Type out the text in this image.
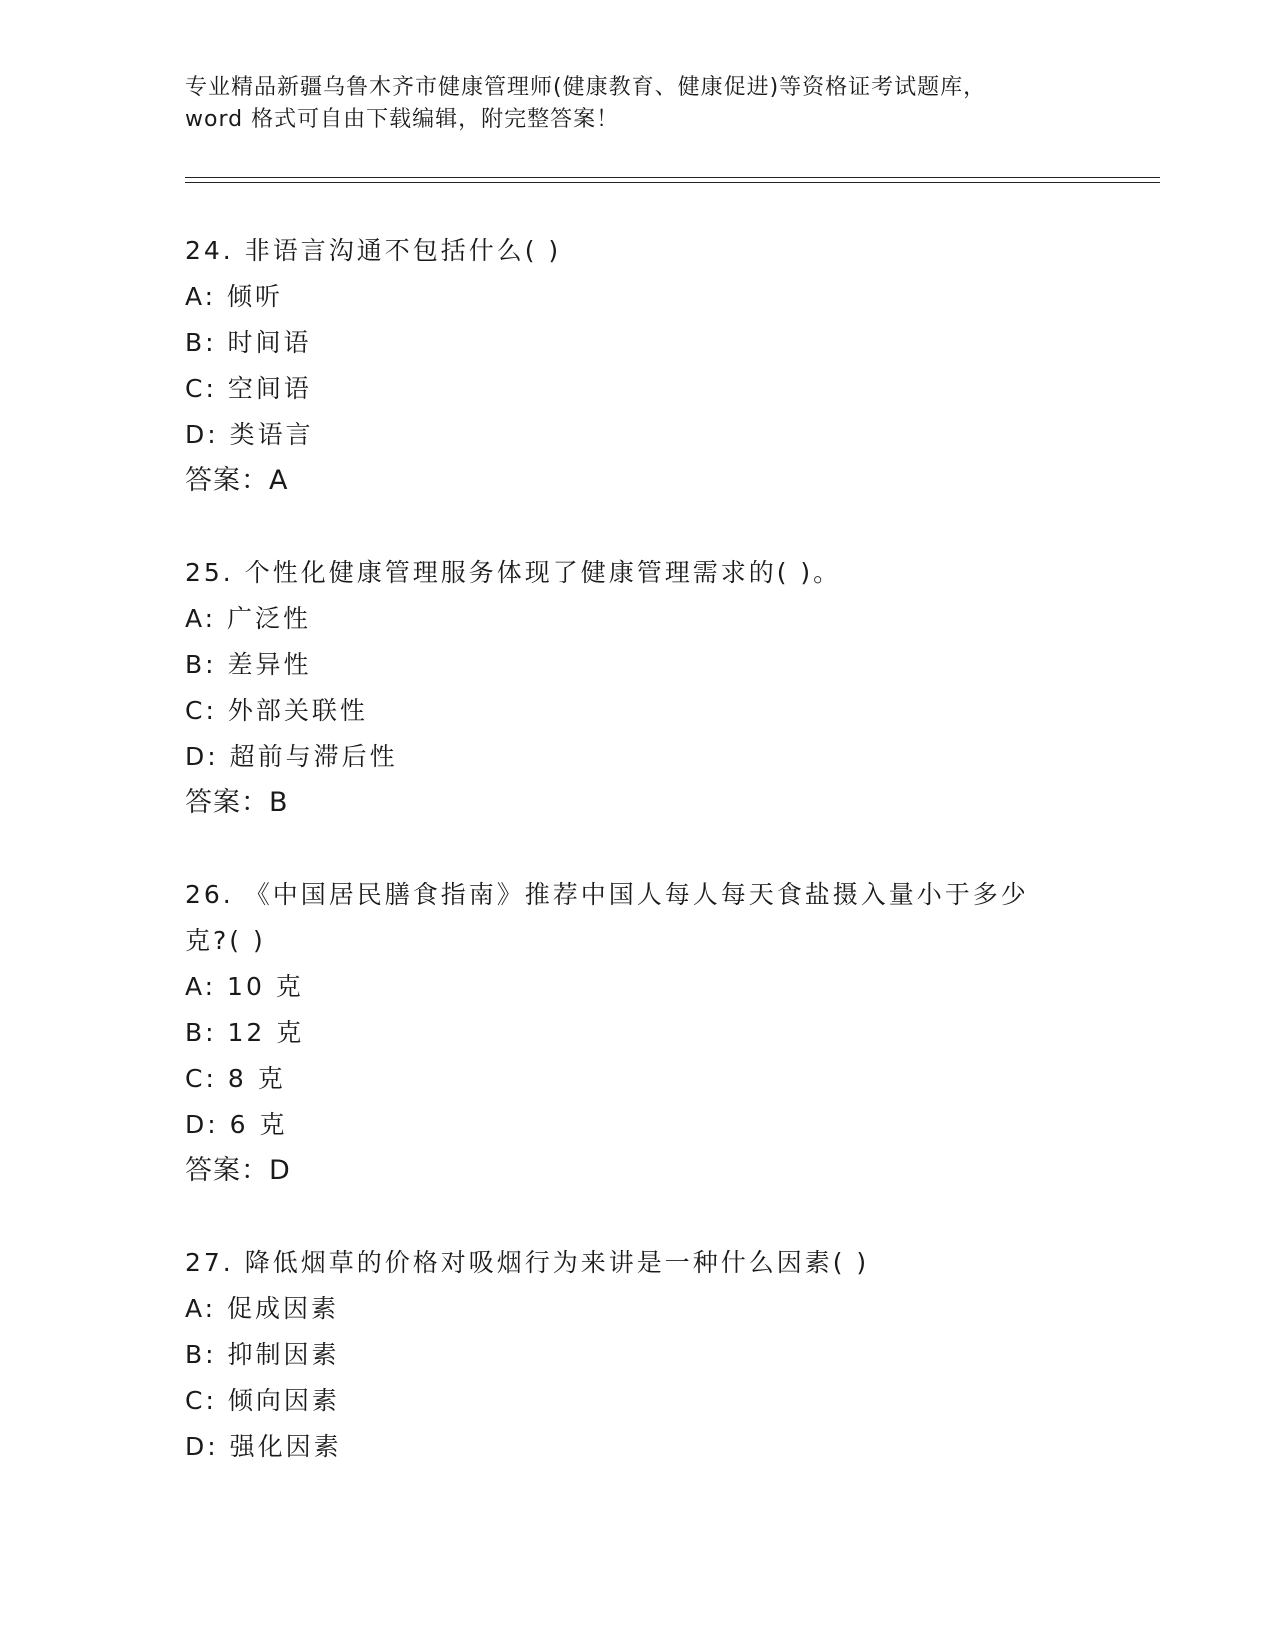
专业精品新疆乌鲁木齐市健康管理师(健康教育、健康促进)等资格证考试题库，
word 格式可自由下载编辑，附完整答案！
24. 非语言沟通不包括什么( )
A: 倾听
B: 时间语
C: 空间语
D: 类语言
答案：A
25. 个性化健康管理服务体现了健康管理需求的( )。
A: 广泛性
B: 差异性
C: 外部关联性
D: 超前与滞后性
答案：B
26. 《中国居民膳食指南》推荐中国人每人每天食盐摄入量小于多少
克?( )
A: 10 克
B: 12 克
C: 8 克
D: 6 克
答案：D
27. 降低烟草的价格对吸烟行为来讲是一种什么因素( )
A: 促成因素
B: 抑制因素
C: 倾向因素
D: 强化因素
